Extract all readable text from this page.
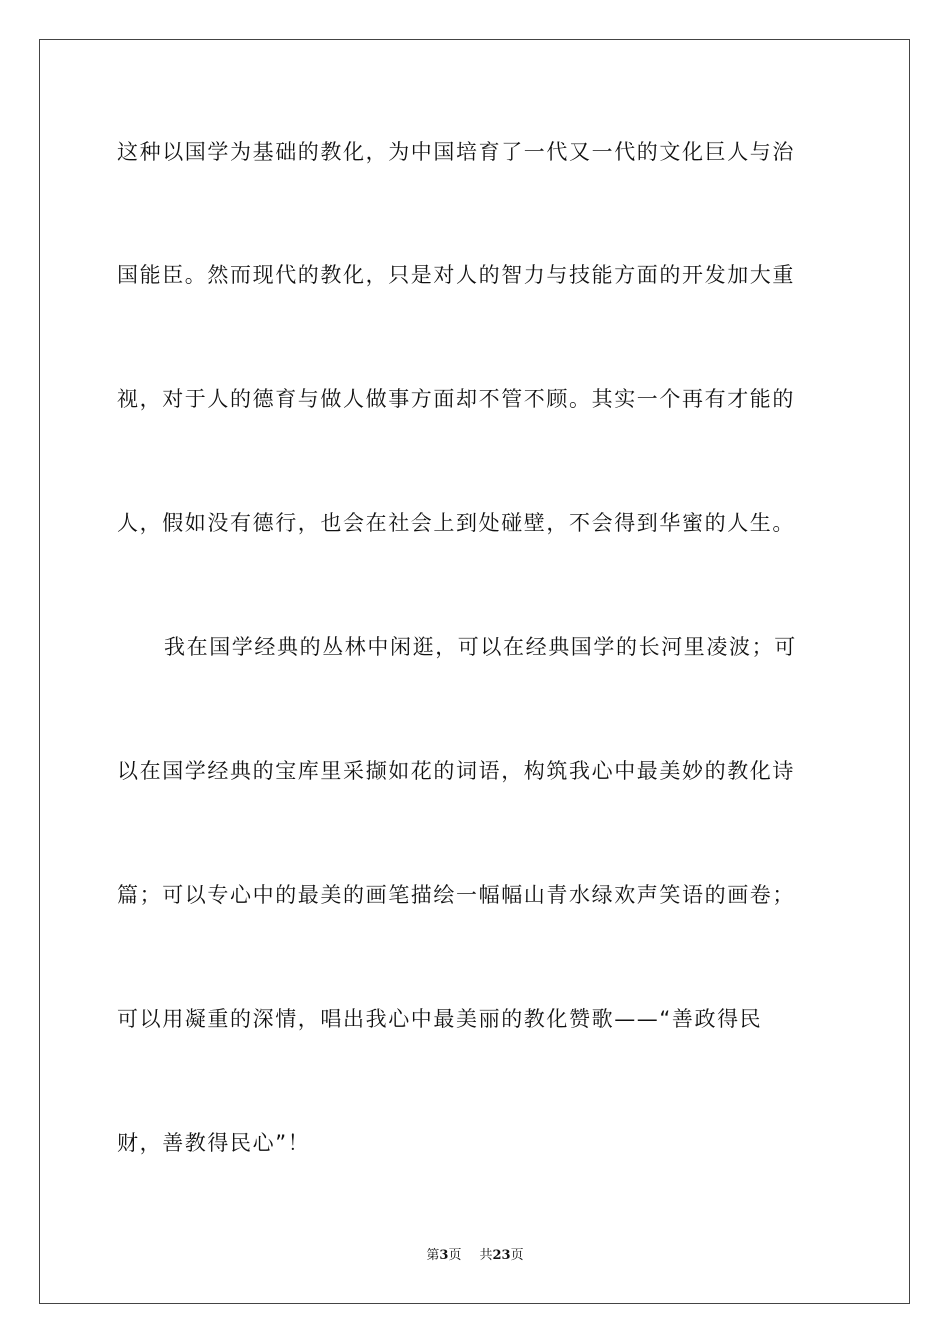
这种以国学为基础的教化，为中国培育了一代又一代的文化巨人与治
国能臣。然而现代的教化，只是对人的智力与技能方面的开发加大重
视，对于人的德育与做人做事方面却不管不顾。其实一个再有才能的
人，假如没有德行，也会在社会上到处碰壁，不会得到华蜜的人生。
我在国学经典的丛林中闲逛，可以在经典国学的长河里凌波；可
以在国学经典的宝库里采撷如花的词语，构筑我心中最美妙的教化诗
篇；可以专心中的最美的画笔描绘一幅幅山青水绿欢声笑语的画卷；
可以用凝重的深情，唱出我心中最美丽的教化赞歌——“善政得民
财，善教得民心”！
第3页 共23页
